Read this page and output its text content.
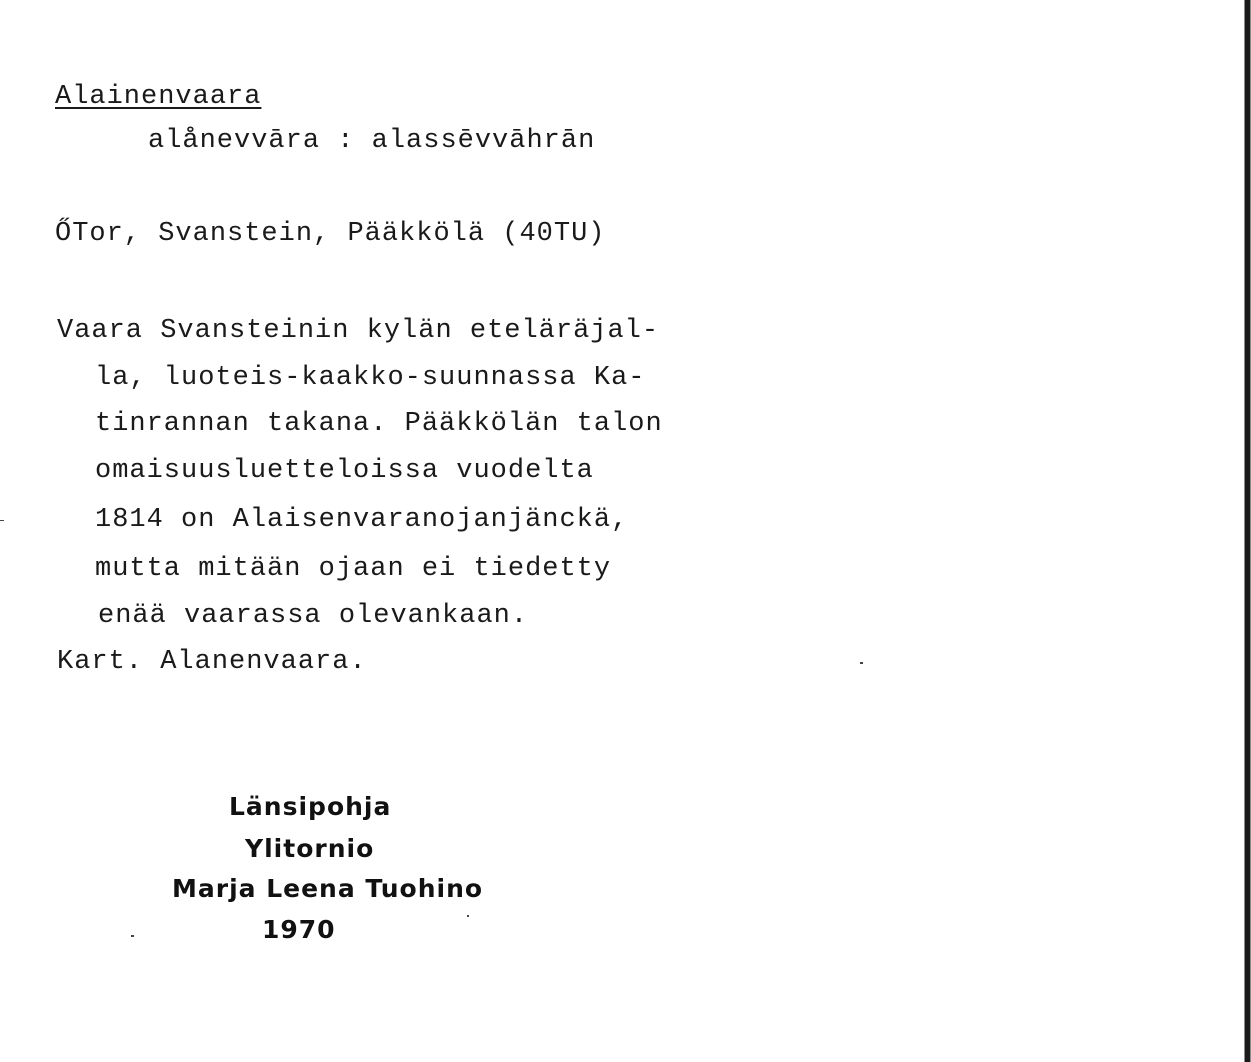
Alainenvaara
alånevvāra : alassēvvāhrān
ŐTor, Svanstein, Pääkkölä (40TU)
Vaara Svansteinin kylän eteläräjal-
la, luoteis-kaakko-suunnassa Ka-
tinrannan takana. Pääkkölän talon
omaisuusluetteloissa vuodelta
1814 on Alaisenvaranojanjänckä,
mutta mitään ojaan ei tiedetty
enää vaarassa olevankaan.
Kart. Alanenvaara.
Länsipohja
Ylitornio
Marja Leena Tuohino
1970
